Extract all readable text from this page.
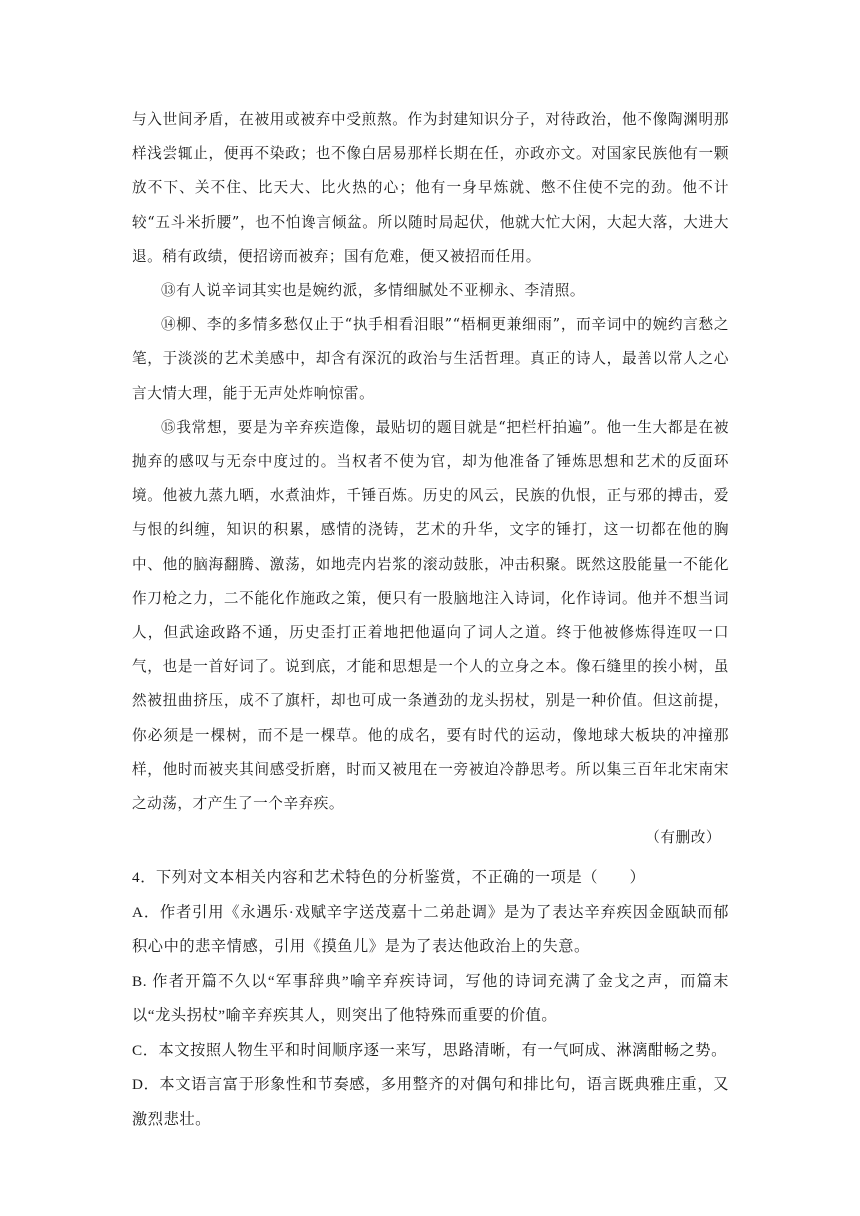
与入世间矛盾，在被用或被弃中受煎熬。作为封建知识分子，对待政治，他不像陶渊明那样浅尝辄止，便再不染政；也不像白居易那样长期在任，亦政亦文。对国家民族他有一颗放不下、关不住、比天大、比火热的心；他有一身早炼就、憋不住使不完的劲。他不计较“五斗米折腰”，也不怕谗言倾盆。所以随时局起伏，他就大忙大闲，大起大落，大进大退。稍有政绩，便招谤而被弃；国有危难，便又被招而任用。

⑬有人说辛词其实也是婉约派，多情细腻处不亚柳永、李清照。

⑭柳、李的多情多愁仅止于“执手相看泪眼”“梧桐更兼细雨”，而辛词中的婉约言愁之笔，于淡淡的艺术美感中，却含有深沉的政治与生活哲理。真正的诗人，最善以常人之心言大情大理，能于无声处炸响惊雷。

⑮我常想，要是为辛弃疾造像，最贴切的题目就是“把栏杆拍遍”。他一生大都是在被抛弃的感叹与无奈中度过的。当权者不使为官，却为他准备了锤炼思想和艺术的反面环境。他被九蒸九晒，水煮油炸，千锤百炼。历史的风云，民族的仇恨，正与邪的搏击，爱与恨的纠缠，知识的积累，感情的浇铸，艺术的升华，文字的锤打，这一切都在他的胸中、他的脑海翻腾、激荡，如地壳内岩浆的滚动鼓胀，冲击积聚。既然这股能量一不能化作刀枪之力，二不能化作施政之策，便只有一股脑地注入诗词，化作诗词。他并不想当词人，但武途政路不通，历史歪打正着地把他逼向了词人之道。终于他被修炼得连叹一口气，也是一首好词了。说到底，才能和思想是一个人的立身之本。像石缝里的挨小树，虽然被扭曲挤压，成不了旗杆，却也可成一条遒劲的龙头拐杖，别是一种价值。但这前提，你必须是一棵树，而不是一棵草。他的成名，要有时代的运动，像地球大板块的冲撞那样，他时而被夹其间感受折磨，时而又被甩在一旁被迫冷静思考。所以集三百年北宋南宋之动荡，才产生了一个辛弃疾。

（有删改）

4．下列对文本相关内容和艺术特色的分析鉴赏，不正确的一项是（　　）

A．作者引用《永遇乐·戏赋辛字送茂嘉十二弟赴调》是为了表达辛弃疾因金瓯缺而郁积心中的悲辛情感，引用《摸鱼儿》是为了表达他政治上的失意。

B. 作者开篇不久以“军事辞典”喻辛弃疾诗词，写他的诗词充满了金戈之声，而篇末以“龙头拐杖”喻辛弃疾其人，则突出了他特殊而重要的价值。

C．本文按照人物生平和时间顺序逐一来写，思路清晰，有一气呵成、淋漓酣畅之势。

D．本文语言富于形象性和节奏感，多用整齐的对偶句和排比句，语言既典雅庄重，又激烈悲壮。
